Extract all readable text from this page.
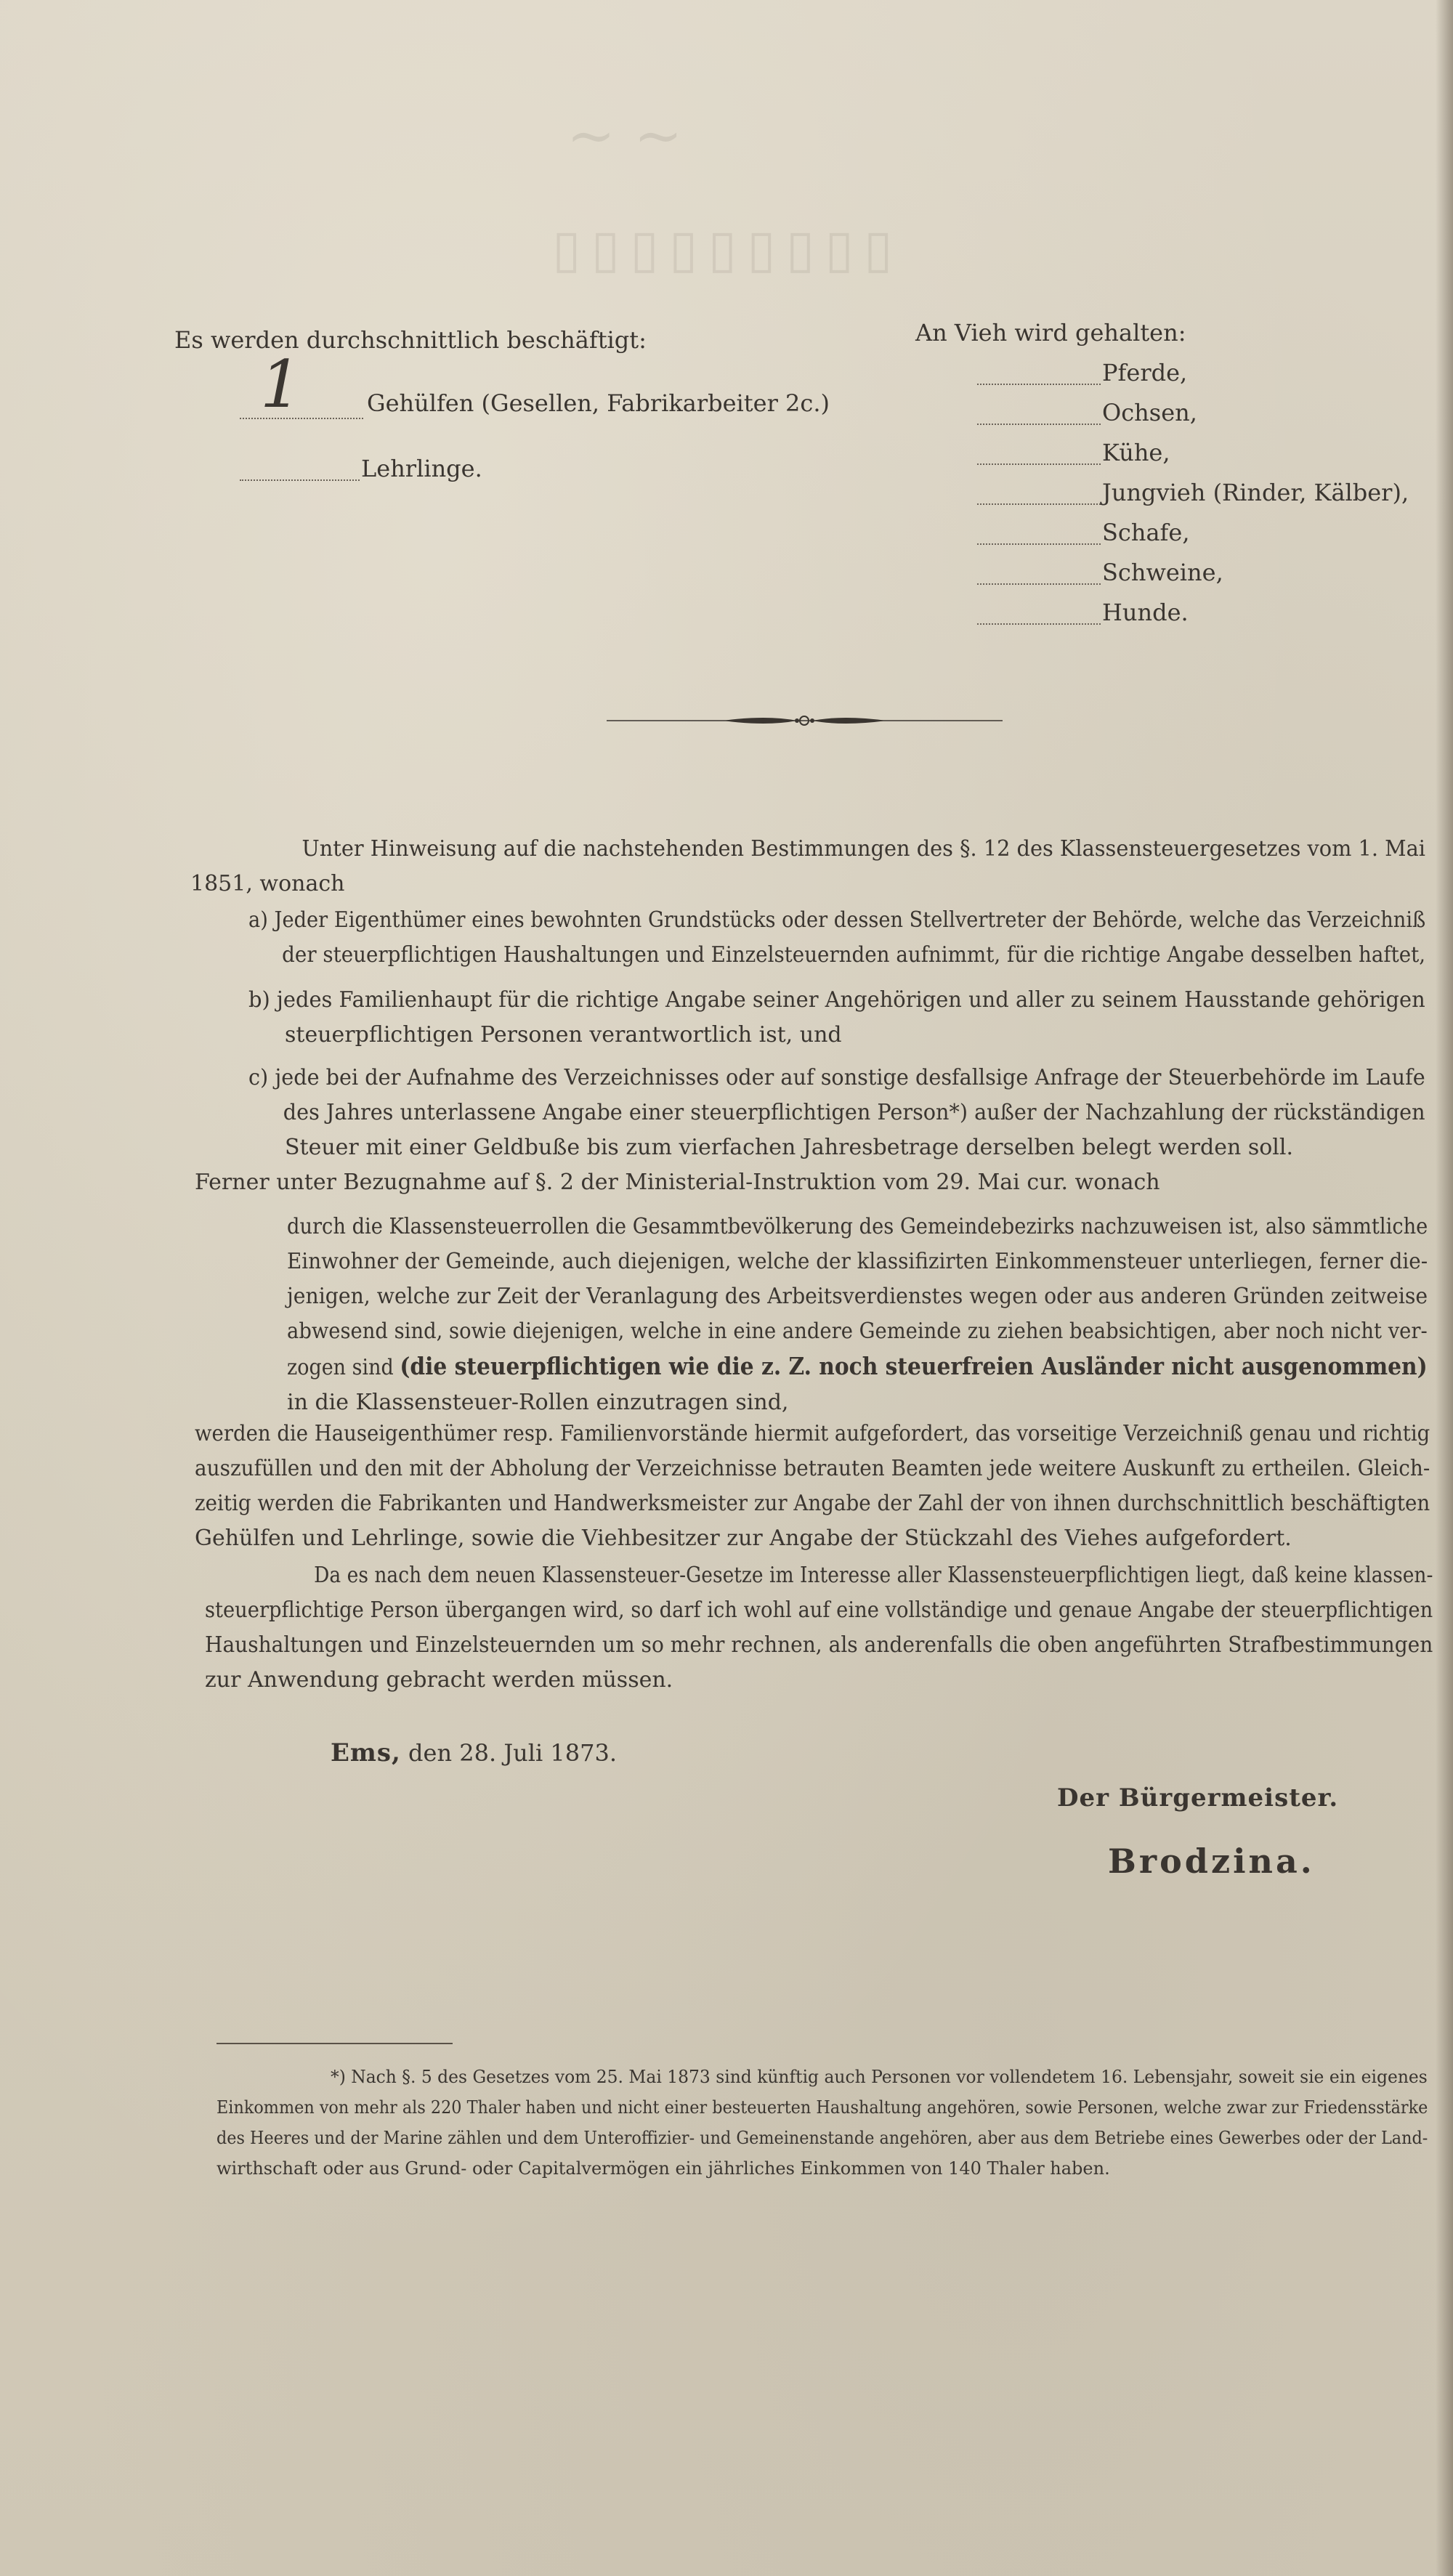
~ ~
▯▯▯▯▯▯▯▯▯
Es werden durchschnittlich beschäftigt:
1	Gehülfen (Gesellen, Fabrikarbeiter 2c.)
Lehrlinge.
An Vieh wird gehalten:
Pferde,
Ochsen,
Kühe,
Jungvieh (Rinder, Kälber),
Schafe,
Schweine,
Hunde.
Unter Hinweisung auf die nachstehenden Bestimmungen des §. 12 des Klassensteuergesetzes vom 1. Mai
1851, wonach
a) Jeder Eigenthümer eines bewohnten Grundstücks oder dessen Stellvertreter der Behörde, welche das Verzeichniß
der steuerpflichtigen Haushaltungen und Einzelsteuernden aufnimmt, für die richtige Angabe desselben haftet,
b) jedes Familienhaupt für die richtige Angabe seiner Angehörigen und aller zu seinem Hausstande gehörigen
steuerpflichtigen Personen verantwortlich ist, und
c) jede bei der Aufnahme des Verzeichnisses oder auf sonstige desfallsige Anfrage der Steuerbehörde im Laufe
des Jahres unterlassene Angabe einer steuerpflichtigen Person*) außer der Nachzahlung der rückständigen
Steuer mit einer Geldbuße bis zum vierfachen Jahresbetrage derselben belegt werden soll.
Ferner unter Bezugnahme auf §. 2 der Ministerial-Instruktion vom 29. Mai cur. wonach
durch die Klassensteuerrollen die Gesammtbevölkerung des Gemeindebezirks nachzuweisen ist, also sämmtliche
Einwohner der Gemeinde, auch diejenigen, welche der klassifizirten Einkommensteuer unterliegen, ferner die-
jenigen, welche zur Zeit der Veranlagung des Arbeitsverdienstes wegen oder aus anderen Gründen zeitweise
abwesend sind, sowie diejenigen, welche in eine andere Gemeinde zu ziehen beabsichtigen, aber noch nicht ver-
zogen sind (die steuerpflichtigen wie die z. Z. noch steuerfreien Ausländer nicht ausgenommen)
in die Klassensteuer-Rollen einzutragen sind,
werden die Hauseigenthümer resp. Familienvorstände hiermit aufgefordert, das vorseitige Verzeichniß genau und richtig
auszufüllen und den mit der Abholung der Verzeichnisse betrauten Beamten jede weitere Auskunft zu ertheilen. Gleich-
zeitig werden die Fabrikanten und Handwerksmeister zur Angabe der Zahl der von ihnen durchschnittlich beschäftigten
Gehülfen und Lehrlinge, sowie die Viehbesitzer zur Angabe der Stückzahl des Viehes aufgefordert.
Da es nach dem neuen Klassensteuer-Gesetze im Interesse aller Klassensteuerpflichtigen liegt, daß keine klassen-
steuerpflichtige Person übergangen wird, so darf ich wohl auf eine vollständige und genaue Angabe der steuerpflichtigen
Haushaltungen und Einzelsteuernden um so mehr rechnen, als anderenfalls die oben angeführten Strafbestimmungen
zur Anwendung gebracht werden müssen.
Ems, den 28. Juli 1873.
Der Bürgermeister.
Brodzina.
*) Nach §. 5 des Gesetzes vom 25. Mai 1873 sind künftig auch Personen vor vollendetem 16. Lebensjahr, soweit sie ein eigenes
Einkommen von mehr als 220 Thaler haben und nicht einer besteuerten Haushaltung angehören, sowie Personen, welche zwar zur Friedensstärke
des Heeres und der Marine zählen und dem Unteroffizier- und Gemeinenstande angehören, aber aus dem Betriebe eines Gewerbes oder der Land-
wirthschaft oder aus Grund- oder Capitalvermögen ein jährliches Einkommen von 140 Thaler haben.
